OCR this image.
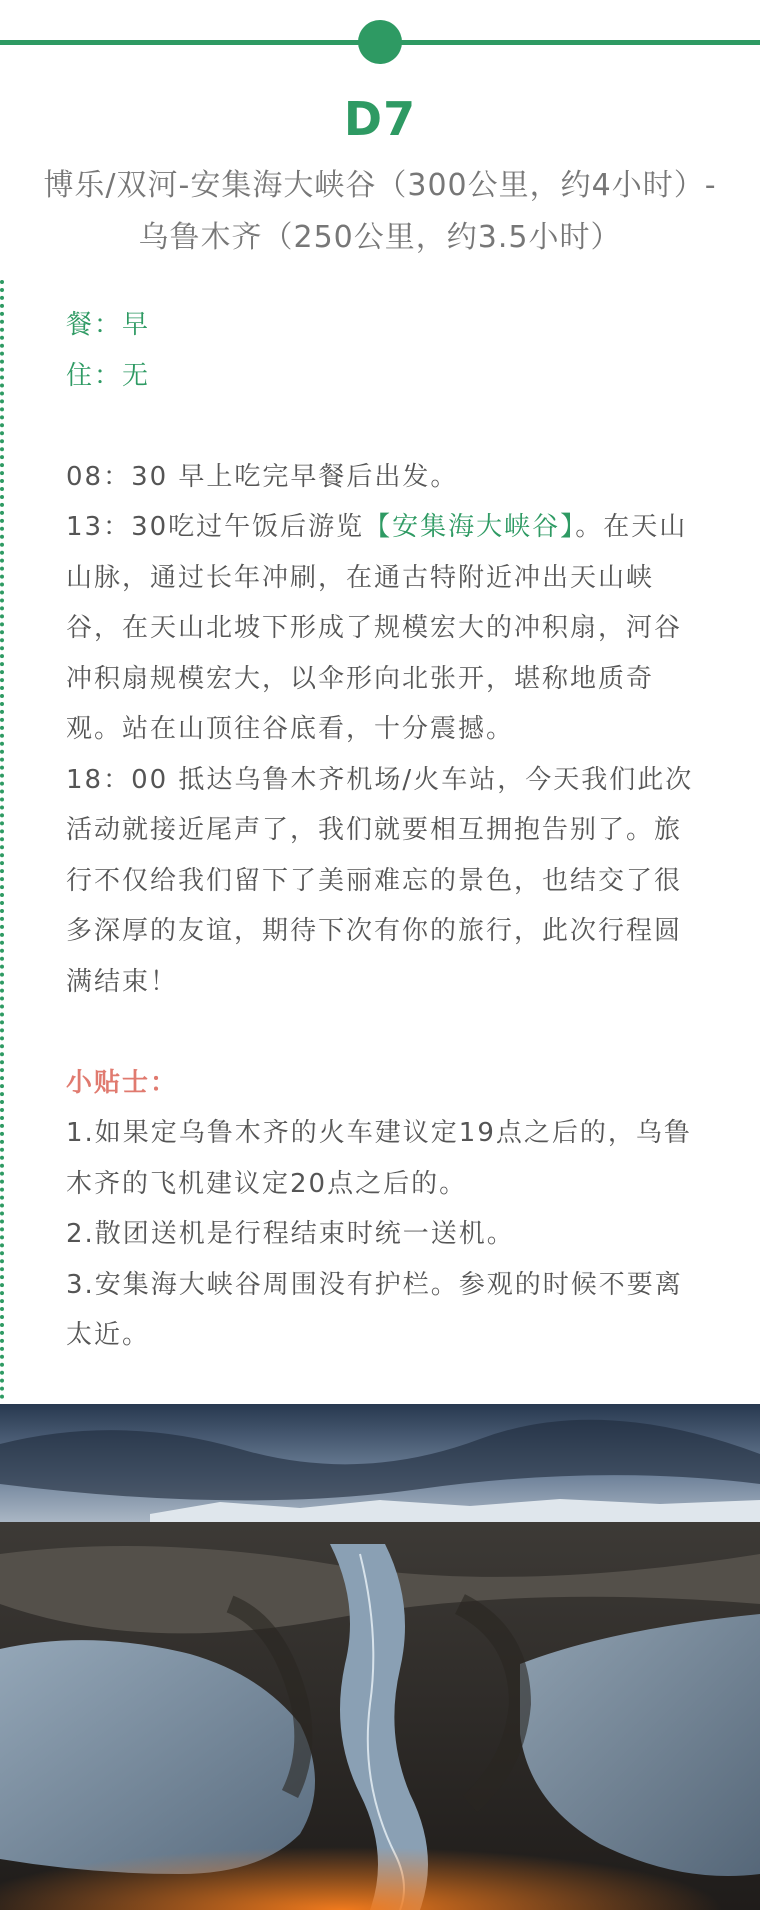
D7
博乐/双河-安集海大峡谷（300公里，约4小时）-乌鲁木齐（250公里，约3.5小时）

餐：早

住：无

08：30 早上吃完早餐后出发。

13：30吃过午饭后游览【安集海大峡谷】。在天山山脉，通过长年冲刷，在通古特附近冲出天山峡谷，在天山北坡下形成了规模宏大的冲积扇，河谷冲积扇规模宏大，以伞形向北张开，堪称地质奇观。站在山顶往谷底看，十分震撼。

18：00 抵达乌鲁木齐机场/火车站，今天我们此次活动就接近尾声了，我们就要相互拥抱告别了。旅行不仅给我们留下了美丽难忘的景色，也结交了很多深厚的友谊，期待下次有你的旅行，此次行程圆满结束！

小贴士：

1.如果定乌鲁木齐的火车建议定19点之后的，乌鲁木齐的飞机建议定20点之后的。

2.散团送机是行程结束时统一送机。

3.安集海大峡谷周围没有护栏。参观的时候不要离太近。
